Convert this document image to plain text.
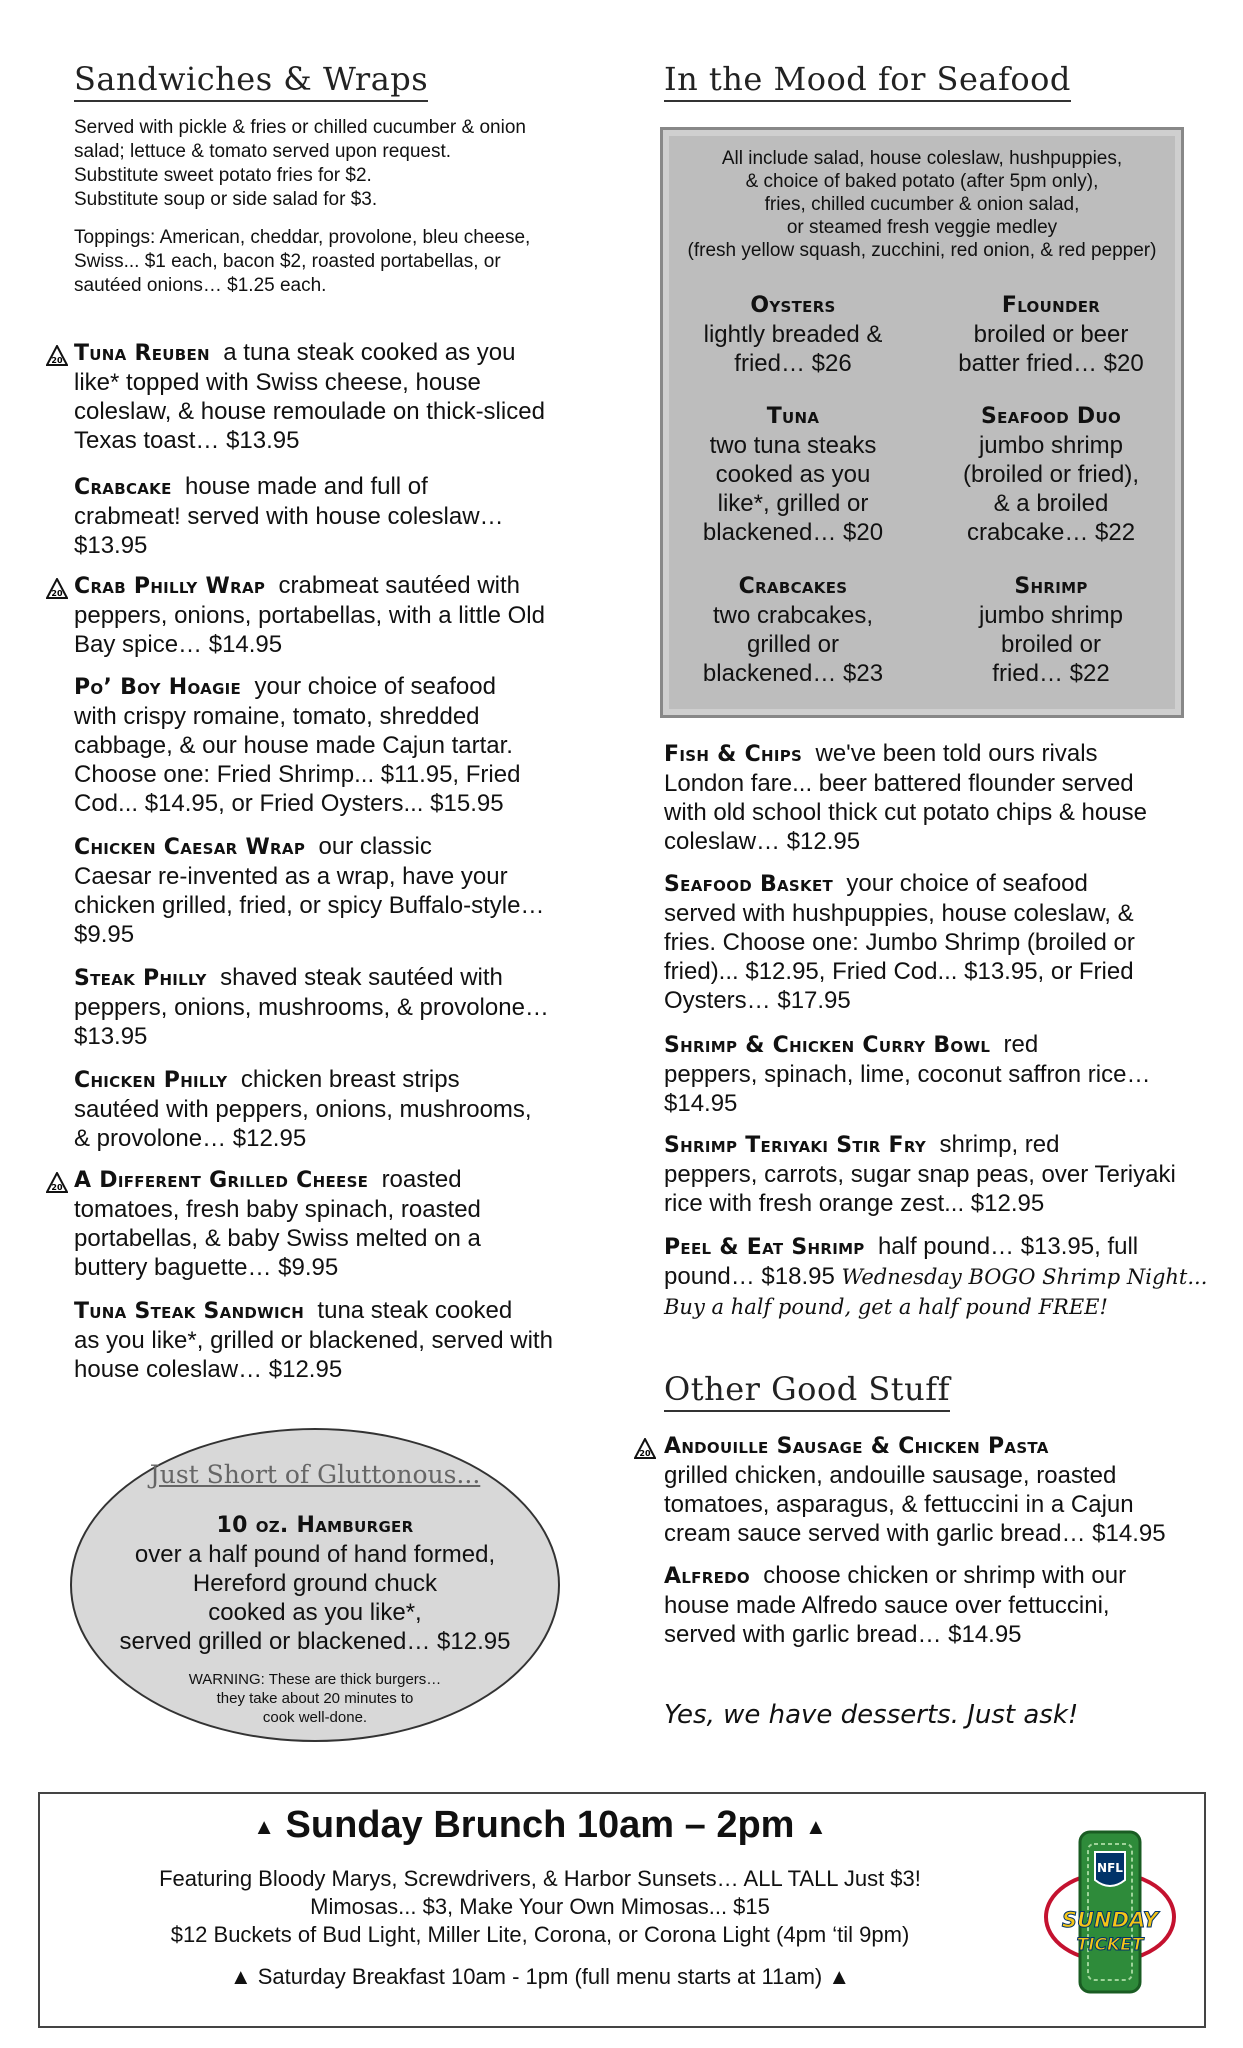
Sandwiches & Wraps
Served with pickle & fries or chilled cucumber & onion
salad; lettuce & tomato served upon request.
Substitute sweet potato fries for $2.
Substitute soup or side salad for $3.
Toppings: American, cheddar, provolone, bleu cheese,
Swiss... $1 each, bacon $2, roasted portabellas, or
sautéed onions… $1.25 each.
20 Tuna Reuben a tuna steak cooked as you
like* topped with Swiss cheese, house
coleslaw, & house remoulade on thick-sliced
Texas toast… $13.95
Crabcake house made and full of
crabmeat! served with house coleslaw…
$13.95
20 Crab Philly Wrap crabmeat sautéed with
peppers, onions, portabellas, with a little Old
Bay spice… $14.95
Po’ Boy Hoagie your choice of seafood
with crispy romaine, tomato, shredded
cabbage, & our house made Cajun tartar.
Choose one: Fried Shrimp... $11.95, Fried
Cod... $14.95, or Fried Oysters... $15.95
Chicken Caesar Wrap our classic
Caesar re-invented as a wrap, have your
chicken grilled, fried, or spicy Buffalo-style…
$9.95
Steak Philly shaved steak sautéed with
peppers, onions, mushrooms, & provolone…
$13.95
Chicken Philly chicken breast strips
sautéed with peppers, onions, mushrooms,
& provolone… $12.95
20 A Different Grilled Cheese roasted
tomatoes, fresh baby spinach, roasted
portabellas, & baby Swiss melted on a
buttery baguette… $9.95
Tuna Steak Sandwich tuna steak cooked
as you like*, grilled or blackened, served with
house coleslaw… $12.95
Just Short of Gluttonous...
10 oz. Hamburger
over a half pound of hand formed,
Hereford ground chuck
cooked as you like*,
served grilled or blackened… $12.95
WARNING: These are thick burgers…
they take about 20 minutes to
cook well-done.
In the Mood for Seafood
All include salad, house coleslaw, hushpuppies,
& choice of baked potato (after 5pm only),
fries, chilled cucumber & onion salad,
or steamed fresh veggie medley
(fresh yellow squash, zucchini, red onion, & red pepper)
Oysters
lightly breaded &
fried… $26
Flounder
broiled or beer
batter fried… $20
Tuna
two tuna steaks
cooked as you
like*, grilled or
blackened… $20
Seafood Duo
jumbo shrimp
(broiled or fried),
& a broiled
crabcake… $22
Crabcakes
two crabcakes,
grilled or
blackened… $23
Shrimp
jumbo shrimp
broiled or
fried… $22
Fish & Chips we've been told ours rivals
London fare... beer battered flounder served
with old school thick cut potato chips & house
coleslaw… $12.95
Seafood Basket your choice of seafood
served with hushpuppies, house coleslaw, &
fries. Choose one: Jumbo Shrimp (broiled or
fried)... $12.95, Fried Cod... $13.95, or Fried
Oysters… $17.95
Shrimp & Chicken Curry Bowl red
peppers, spinach, lime, coconut saffron rice…
$14.95
Shrimp Teriyaki Stir Fry shrimp, red
peppers, carrots, sugar snap peas, over Teriyaki
rice with fresh orange zest... $12.95
Peel & Eat Shrimp half pound… $13.95, full
pound… $18.95 Wednesday BOGO Shrimp Night...
Buy a half pound, get a half pound FREE!
Other Good Stuff
20 Andouille Sausage & Chicken Pasta
grilled chicken, andouille sausage, roasted
tomatoes, asparagus, & fettuccini in a Cajun
cream sauce served with garlic bread… $14.95
Alfredo choose chicken or shrimp with our
house made Alfredo sauce over fettuccini,
served with garlic bread… $14.95
Yes, we have desserts. Just ask!
▲ Sunday Brunch 10am – 2pm ▲
Featuring Bloody Marys, Screwdrivers, & Harbor Sunsets… ALL TALL Just $3!
Mimosas... $3, Make Your Own Mimosas... $15
$12 Buckets of Bud Light, Miller Lite, Corona, or Corona Light (4pm ‘til 9pm)
▲ Saturday Breakfast 10am - 1pm (full menu starts at 11am) ▲
NFL
SUNDAY
TICKET
